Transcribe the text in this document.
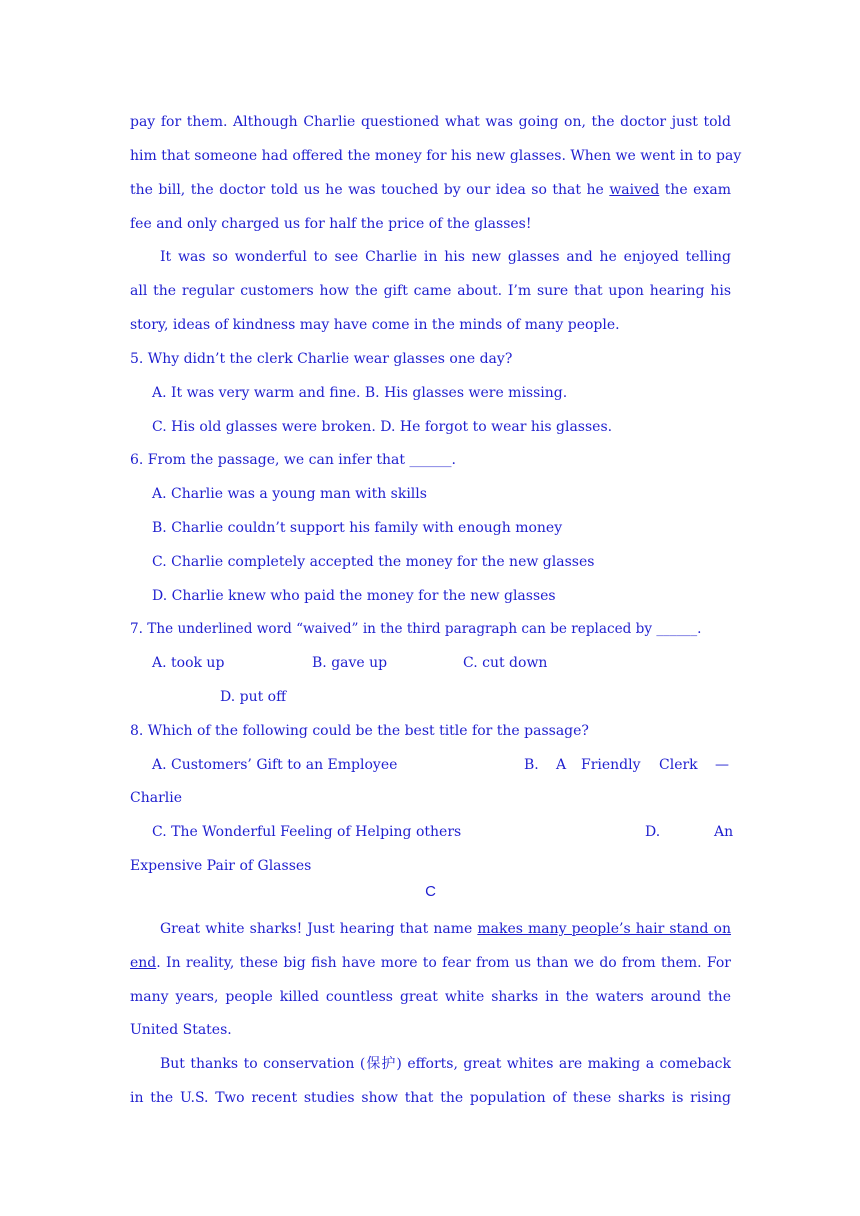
pay for them. Although Charlie questioned what was going on, the doctor just told
him that someone had offered the money for his new glasses. When we went in to pay
the bill, the doctor told us he was touched by our idea so that he waived the exam
fee and only charged us for half the price of the glasses!
It was so wonderful to see Charlie in his new glasses and he enjoyed telling
all the regular customers how the gift came about. I’m sure that upon hearing his
story, ideas of kindness may have come in the minds of many people.
5. Why didn’t the clerk Charlie wear glasses one day?
A. It was very warm and fine. B. His glasses were missing.
C. His old glasses were broken. D. He forgot to wear his glasses.
6. From the passage, we can infer that ______.
A. Charlie was a young man with skills
B. Charlie couldn’t support his family with enough money
C. Charlie completely accepted the money for the new glasses
D. Charlie knew who paid the money for the new glasses
7. The underlined word “waived” in the third paragraph can be replaced by ______.
A. took up	B. gave up	C. cut down
D. put off
8. Which of the following could be the best title for the passage?
A. Customers’ Gift to an Employee	B.	A	Friendly	Clerk	—
Charlie
C. The Wonderful Feeling of Helping others	D.	An
Expensive Pair of Glasses
C
Great white sharks! Just hearing that name makes many people’s hair stand on
end. In reality, these big fish have more to fear from us than we do from them. For
many years, people killed countless great white sharks in the waters around the
United States.
But thanks to conservation (保护) efforts, great whites are making a comeback
in the U.S. Two recent studies show that the population of these sharks is rising
